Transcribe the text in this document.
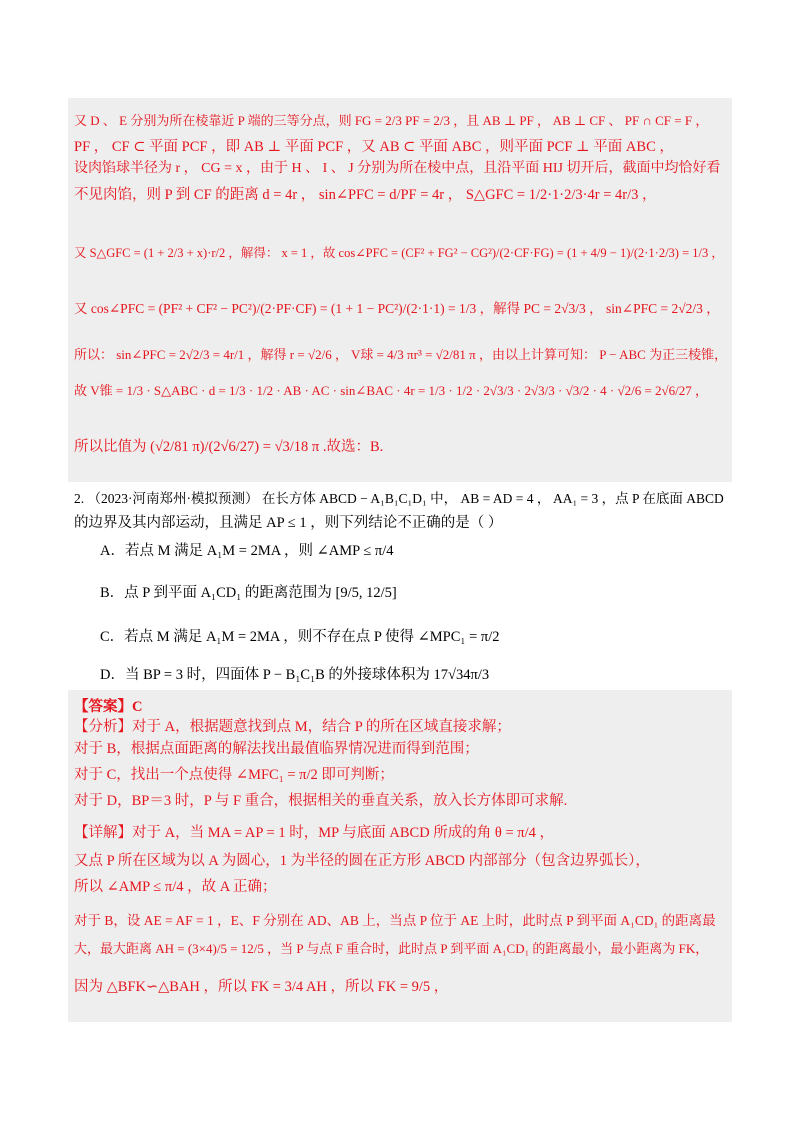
又 D 、 E 分别为所在棱靠近 P 端的三等分点，则 FG = 2/3 PF = 2/3 ，且 AB ⊥ PF ， AB ⊥ CF 、 PF ∩ CF = F ，
PF ， CF ⊂ 平面 PCF ，即 AB ⊥ 平面 PCF ，又 AB ⊂ 平面 ABC ，则平面 PCF ⊥ 平面 ABC ，
设肉馅球半径为 r ， CG = x ，由于 H 、 I 、 J 分别为所在棱中点，且沿平面 HIJ 切开后，截面中均恰好看
不见肉馅，则 P 到 CF 的距离 d = 4r ， sin∠PFC = d/PF = 4r ， S△GFC = 1/2·1·2/3·4r = 4r/3 ，
又 S△GFC = (1 + 2/3 + x)·r/2 ，解得： x = 1 ，故 cos∠PFC = (CF² + FG² − CG²)/(2·CF·FG) = (1 + 4/9 − 1)/(2·1·2/3) = 1/3 ，
又 cos∠PFC = (PF² + CF² − PC²)/(2·PF·CF) = (1 + 1 − PC²)/(2·1·1) = 1/3 ，解得 PC = 2√3/3 ， sin∠PFC = 2√2/3 ，
所以： sin∠PFC = 2√2/3 = 4r/1 ，解得 r = √2/6 ， V球 = 4/3 πr³ = √2/81 π ，由以上计算可知： P − ABC 为正三棱锥，
故 V锥 = 1/3 · S△ABC · d = 1/3 · 1/2 · AB · AC · sin∠BAC · 4r = 1/3 · 1/2 · 2√3/3 · 2√3/3 · √3/2 · 4 · √2/6 = 2√6/27 ，
所以比值为 (√2/81 π)/(2√6/27) = √3/18 π .故选：B.
2. （2023·河南郑州·模拟预测） 在长方体 ABCD − A₁B₁C₁D₁ 中， AB = AD = 4 ， AA₁ = 3 ，点 P 在底面 ABCD
的边界及其内部运动，且满足 AP ≤ 1 ，则下列结论不正确的是（ ）
A．若点 M 满足 A₁M = 2MA ，则 ∠AMP ≤ π/4
B．点 P 到平面 A₁CD₁ 的距离范围为 [9/5, 12/5]
C．若点 M 满足 A₁M = 2MA ，则不存在点 P 使得 ∠MPC₁ = π/2
D．当 BP = 3 时，四面体 P − B₁C₁B 的外接球体积为 17√34π/3
【答案】C
【分析】对于 A，根据题意找到点 M，结合 P 的所在区域直接求解；
对于 B，根据点面距离的解法找出最值临界情况进而得到范围；
对于 C，找出一个点使得 ∠MFC₁ = π/2 即可判断；
对于 D，BP＝3 时，P 与 F 重合，根据相关的垂直关系，放入长方体即可求解.
【详解】对于 A，当 MA = AP = 1 时，MP 与底面 ABCD 所成的角 θ = π/4 ，
又点 P 所在区域为以 A 为圆心，1 为半径的圆在正方形 ABCD 内部部分（包含边界弧长），
所以 ∠AMP ≤ π/4 ，故 A 正确；
对于 B，设 AE = AF = 1 ，E、F 分别在 AD、AB 上，当点 P 位于 AE 上时，此时点 P 到平面 A₁CD₁ 的距离最
大，最大距离 AH = (3×4)/5 = 12/5 ，当 P 与点 F 重合时，此时点 P 到平面 A₁CD₁ 的距离最小，最小距离为 FK，
因为 △BFK∽△BAH ，所以 FK = 3/4 AH ，所以 FK = 9/5 ，
